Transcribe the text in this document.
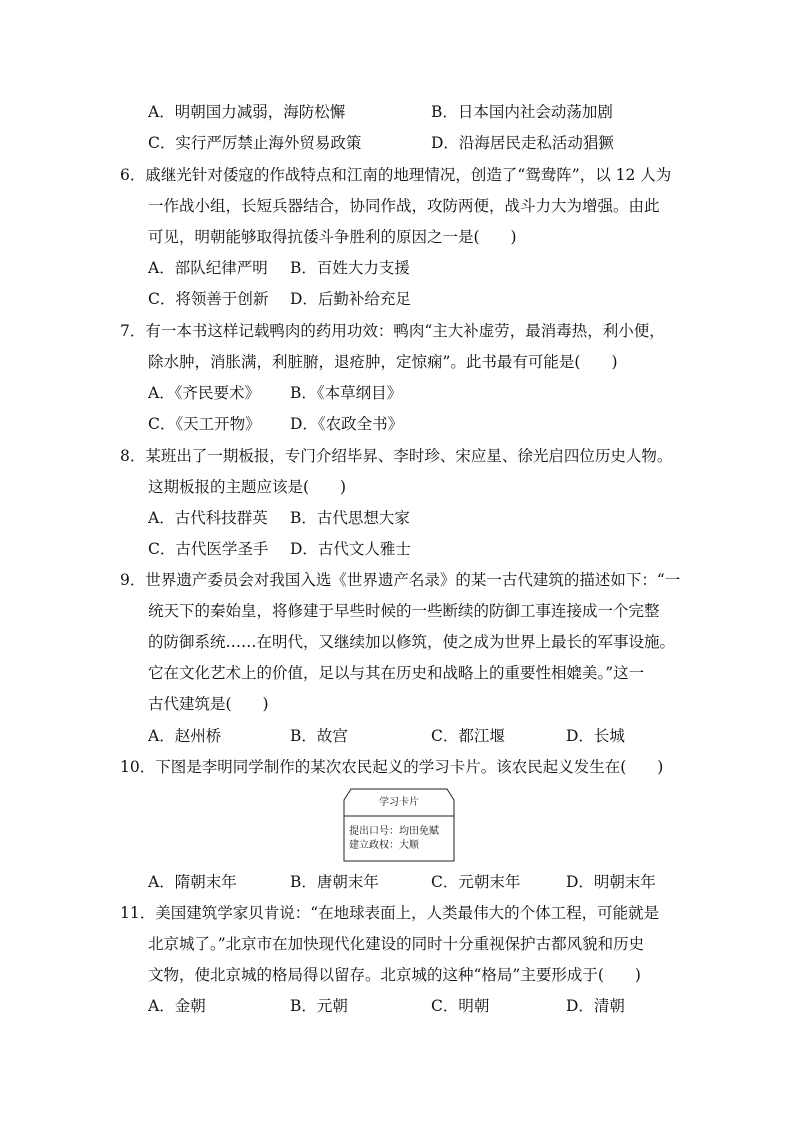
A．明朝国力减弱，海防松懈	B．日本国内社会动荡加剧
C．实行严厉禁止海外贸易政策	D．沿海居民走私活动猖獗
6．戚继光针对倭寇的作战特点和江南的地理情况，创造了“鸳鸯阵”，以 12 人为
一作战小组，长短兵器结合，协同作战，攻防两便，战斗力大为增强。由此
可见，明朝能够取得抗倭斗争胜利的原因之一是(　　)
A．部队纪律严明 B．百姓大力支援
C．将领善于创新 D．后勤补给充足
7．有一本书这样记载鸭肉的药用功效：鸭肉“主大补虚劳，最消毒热，利小便，
除水肿，消胀满，利脏腑，退疮肿，定惊痫”。此书最有可能是(　　)
A．《齐民要术》 B．《本草纲目》
C．《天工开物》 D．《农政全书》
8．某班出了一期板报，专门介绍毕昇、李时珍、宋应星、徐光启四位历史人物。
这期板报的主题应该是(　　)
A．古代科技群英 B．古代思想大家
C．古代医学圣手 D．古代文人雅士
9．世界遗产委员会对我国入选《世界遗产名录》的某一古代建筑的描述如下：“一
统天下的秦始皇，将修建于早些时候的一些断续的防御工事连接成一个完整
的防御系统……在明代，又继续加以修筑，使之成为世界上最长的军事设施。
它在文化艺术上的价值，足以与其在历史和战略上的重要性相媲美。”这一
古代建筑是(　　)
A．赵州桥	B．故宫	C．都江堰	D．长城
10．下图是李明同学制作的某次农民起义的学习卡片。该农民起义发生在(　　)
学习卡片
提出口号：均田免赋
建立政权：大顺
A．隋朝末年	B．唐朝末年	C．元朝末年	D．明朝末年
11．美国建筑学家贝肯说：“在地球表面上，人类最伟大的个体工程，可能就是
北京城了。”北京市在加快现代化建设的同时十分重视保护古都风貌和历史
文物，使北京城的格局得以留存。北京城的这种“格局”主要形成于(　　)
A．金朝	B．元朝	C．明朝	D．清朝
